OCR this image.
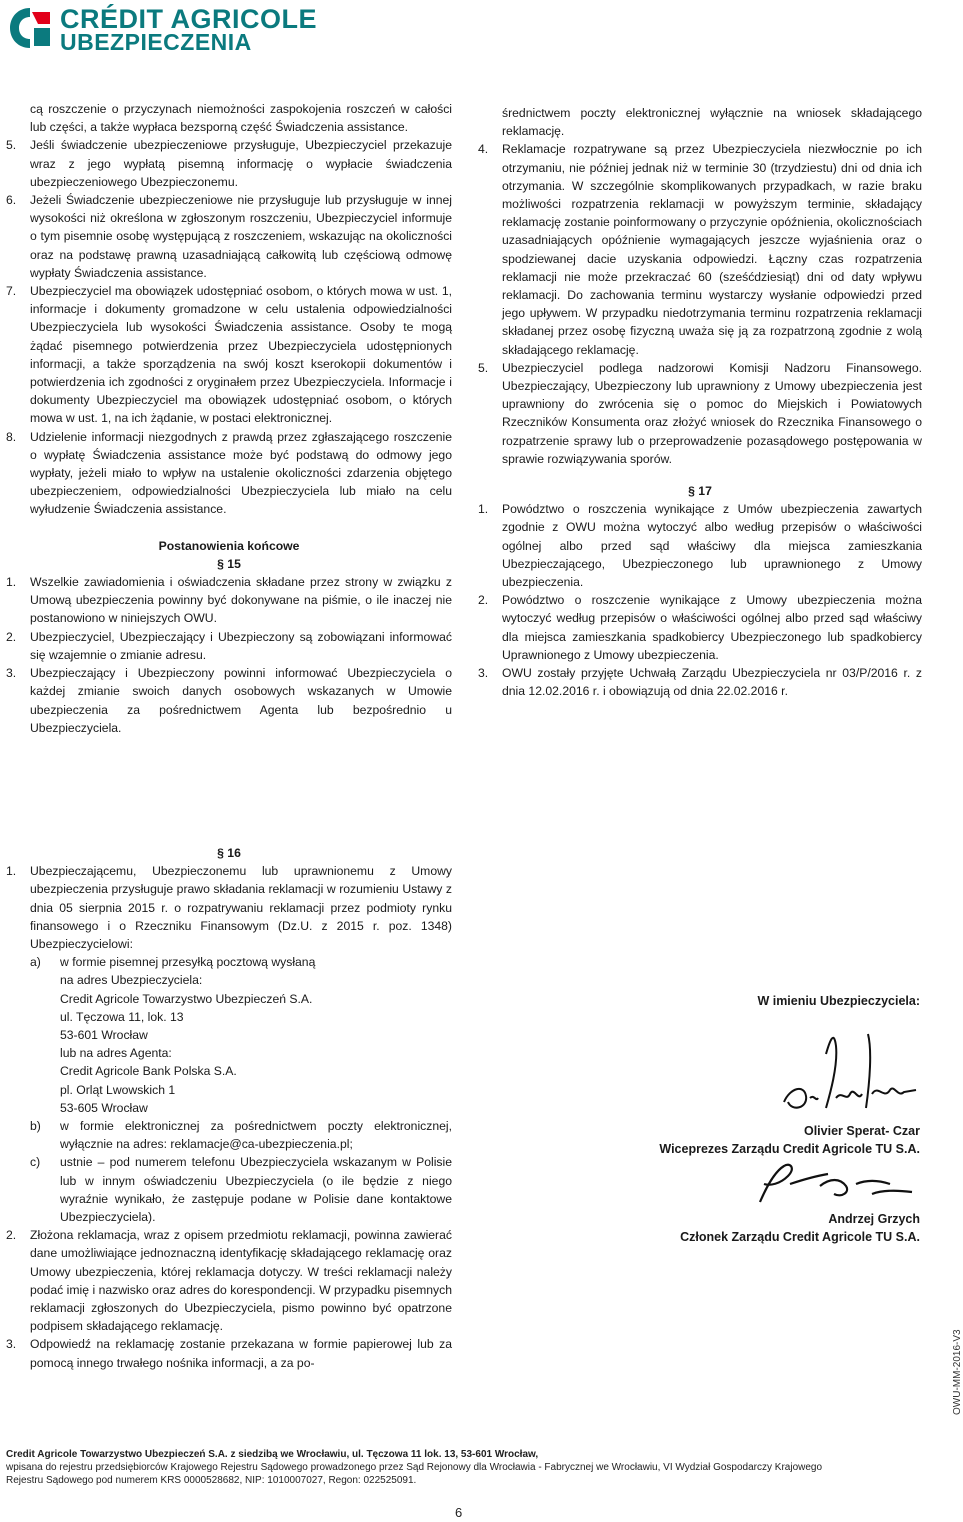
CRÉDIT AGRICOLE
UBEZPIECZENIA

cą roszczenie o przyczynach niemożności zaspokojenia roszczeń w całości lub części, a także wypłaca bezsporną część Świadczenia assistance.

5.	Jeśli świadczenie ubezpieczeniowe przysługuje, Ubezpieczyciel przekazuje wraz z jego wypłatą pisemną informację o wypłacie świadczenia ubezpieczeniowego Ubezpieczonemu.
6.	Jeżeli Świadczenie ubezpieczeniowe nie przysługuje lub przysługuje w innej wysokości niż określona w zgłoszonym roszczeniu, Ubezpieczyciel informuje o tym pisemnie osobę występującą z roszczeniem, wskazując na okoliczności oraz na podstawę prawną uzasadniającą całkowitą lub częściową odmowę wypłaty Świadczenia assistance.
7.	Ubezpieczyciel ma obowiązek udostępniać osobom, o których mowa w ust. 1, informacje i dokumenty gromadzone w celu ustalenia odpowiedzialności Ubezpieczyciela lub wysokości Świadczenia assistance. Osoby te mogą żądać pisemnego potwierdzenia przez Ubezpieczyciela udostępnionych informacji, a także sporządzenia na swój koszt kserokopii dokumentów i potwierdzenia ich zgodności z oryginałem przez Ubezpieczyciela. Informacje i dokumenty Ubezpieczyciel ma obowiązek udostępniać osobom, o których mowa w ust. 1, na ich żądanie, w postaci elektronicznej.
8.	Udzielenie informacji niezgodnych z prawdą przez zgłaszającego roszczenie o wypłatę Świadczenia assistance może być podstawą do odmowy jego wypłaty, jeżeli miało to wpływ na ustalenie okoliczności zdarzenia objętego ubezpieczeniem, odpowiedzialności Ubezpieczyciela lub miało na celu wyłudzenie Świadczenia assistance.

Postanowienia końcowe

§ 15

1.	Wszelkie zawiadomienia i oświadczenia składane przez strony w związku z Umową ubezpieczenia powinny być dokonywane na piśmie, o ile inaczej nie postanowiono w niniejszych OWU.
2.	Ubezpieczyciel, Ubezpieczający i Ubezpieczony są zobowiązani informować się wzajemnie o zmianie adresu.
3.	Ubezpieczający i Ubezpieczony powinni informować Ubezpieczyciela o każdej zmianie swoich danych osobowych wskazanych w Umowie ubezpieczenia za pośrednictwem Agenta lub bezpośrednio u Ubezpieczyciela.

§ 16

1.	Ubezpieczającemu, Ubezpieczonemu lub uprawnionemu z Umowy ubezpieczenia przysługuje prawo składania reklamacji w rozumieniu Ustawy z dnia 05 sierpnia 2015 r. o rozpatrywaniu reklamacji przez podmioty rynku finansowego i o Rzeczniku Finansowym (Dz.U. z 2015 r. poz. 1348) Ubezpieczycielowi:
a)	w formie pisemnej przesyłką pocztową wysłaną
na adres Ubezpieczyciela:
Credit Agricole Towarzystwo Ubezpieczeń S.A.
ul. Tęczowa 11, lok. 13
53-601 Wrocław
lub na adres Agenta:
Credit Agricole Bank Polska S.A.
pl. Orląt Lwowskich 1
53-605 Wrocław
b)	w formie elektronicznej za pośrednictwem poczty elektronicznej, wyłącznie na adres: reklamacje@ca-ubezpieczenia.pl;
c)	ustnie – pod numerem telefonu Ubezpieczyciela wskazanym w Polisie lub w innym oświadczeniu Ubezpieczyciela (o ile będzie z niego wyraźnie wynikało, że zastępuje podane w Polisie dane kontaktowe Ubezpieczyciela).
2.	Złożona reklamacja, wraz z opisem przedmiotu reklamacji, powinna zawierać dane umożliwiające jednoznaczną identyfikację składającego reklamację oraz Umowy ubezpieczenia, której reklamacja dotyczy. W treści reklamacji należy podać imię i nazwisko oraz adres do korespondencji. W przypadku pisemnych reklamacji zgłoszonych do Ubezpieczyciela, pismo powinno być opatrzone podpisem składającego reklamację.
3.	Odpowiedź na reklamację zostanie przekazana w formie papierowej lub za pomocą innego trwałego nośnika informacji, a za po-

średnictwem poczty elektronicznej wyłącznie na wniosek składającego reklamację.

4.	Reklamacje rozpatrywane są przez Ubezpieczyciela niezwłocznie po ich otrzymaniu, nie później jednak niż w terminie 30 (trzydziestu) dni od dnia ich otrzymania. W szczególnie skomplikowanych przypadkach, w razie braku możliwości rozpatrzenia reklamacji w powyższym terminie, składający reklamację zostanie poinformowany o przyczynie opóźnienia, okolicznościach uzasadniających opóźnienie wymagających jeszcze wyjaśnienia oraz o spodziewanej dacie uzyskania odpowiedzi. Łączny czas rozpatrzenia reklamacji nie może przekraczać 60 (sześćdziesiąt) dni od daty wpływu reklamacji. Do zachowania terminu wystarczy wysłanie odpowiedzi przed jego upływem. W przypadku niedotrzymania terminu rozpatrzenia reklamacji składanej przez osobę fizyczną uważa się ją za rozpatrzoną zgodnie z wolą składającego reklamację.
5.	Ubezpieczyciel podlega nadzorowi Komisji Nadzoru Finansowego. Ubezpieczający, Ubezpieczony lub uprawniony z Umowy ubezpieczenia jest uprawniony do zwrócenia się o pomoc do Miejskich i Powiatowych Rzeczników Konsumenta oraz złożyć wniosek do Rzecznika Finansowego o rozpatrzenie sprawy lub o przeprowadzenie pozasądowego postępowania w sprawie rozwiązywania sporów.

§ 17

1.	Powództwo o roszczenia wynikające z Umów ubezpieczenia zawartych zgodnie z OWU można wytoczyć albo według przepisów o właściwości ogólnej albo przed sąd właściwy dla miejsca zamieszkania Ubezpieczającego, Ubezpieczonego lub uprawnionego z Umowy ubezpieczenia.
2.	Powództwo o roszczenie wynikające z Umowy ubezpieczenia można wytoczyć według przepisów o właściwości ogólnej albo przed sąd właściwy dla miejsca zamieszkania spadkobiercy Ubezpieczonego lub spadkobiercy Uprawnionego z Umowy ubezpieczenia.
3.	OWU zostały przyjęte Uchwałą Zarządu Ubezpieczyciela nr 03/P/2016 r. z dnia 12.02.2016 r. i obowiązują od dnia 22.02.2016 r.
W imieniu Ubezpieczyciela:
Olivier Sperat- Czar
Wiceprezes Zarządu Credit Agricole TU S.A.
Andrzej Grzych
Członek Zarządu Credit Agricole TU S.A.
OWU-MM-2016-V3
Credit Agricole Towarzystwo Ubezpieczeń S.A. z siedzibą we Wrocławiu, ul. Tęczowa 11 lok. 13, 53-601 Wrocław,
wpisana do rejestru przedsiębiorców Krajowego Rejestru Sądowego prowadzonego przez Sąd Rejonowy dla Wrocławia - Fabrycznej we Wrocławiu, VI Wydział Gospodarczy Krajowego
Rejestru Sądowego pod numerem KRS 0000528682, NIP: 1010007027, Regon: 022525091.
6
